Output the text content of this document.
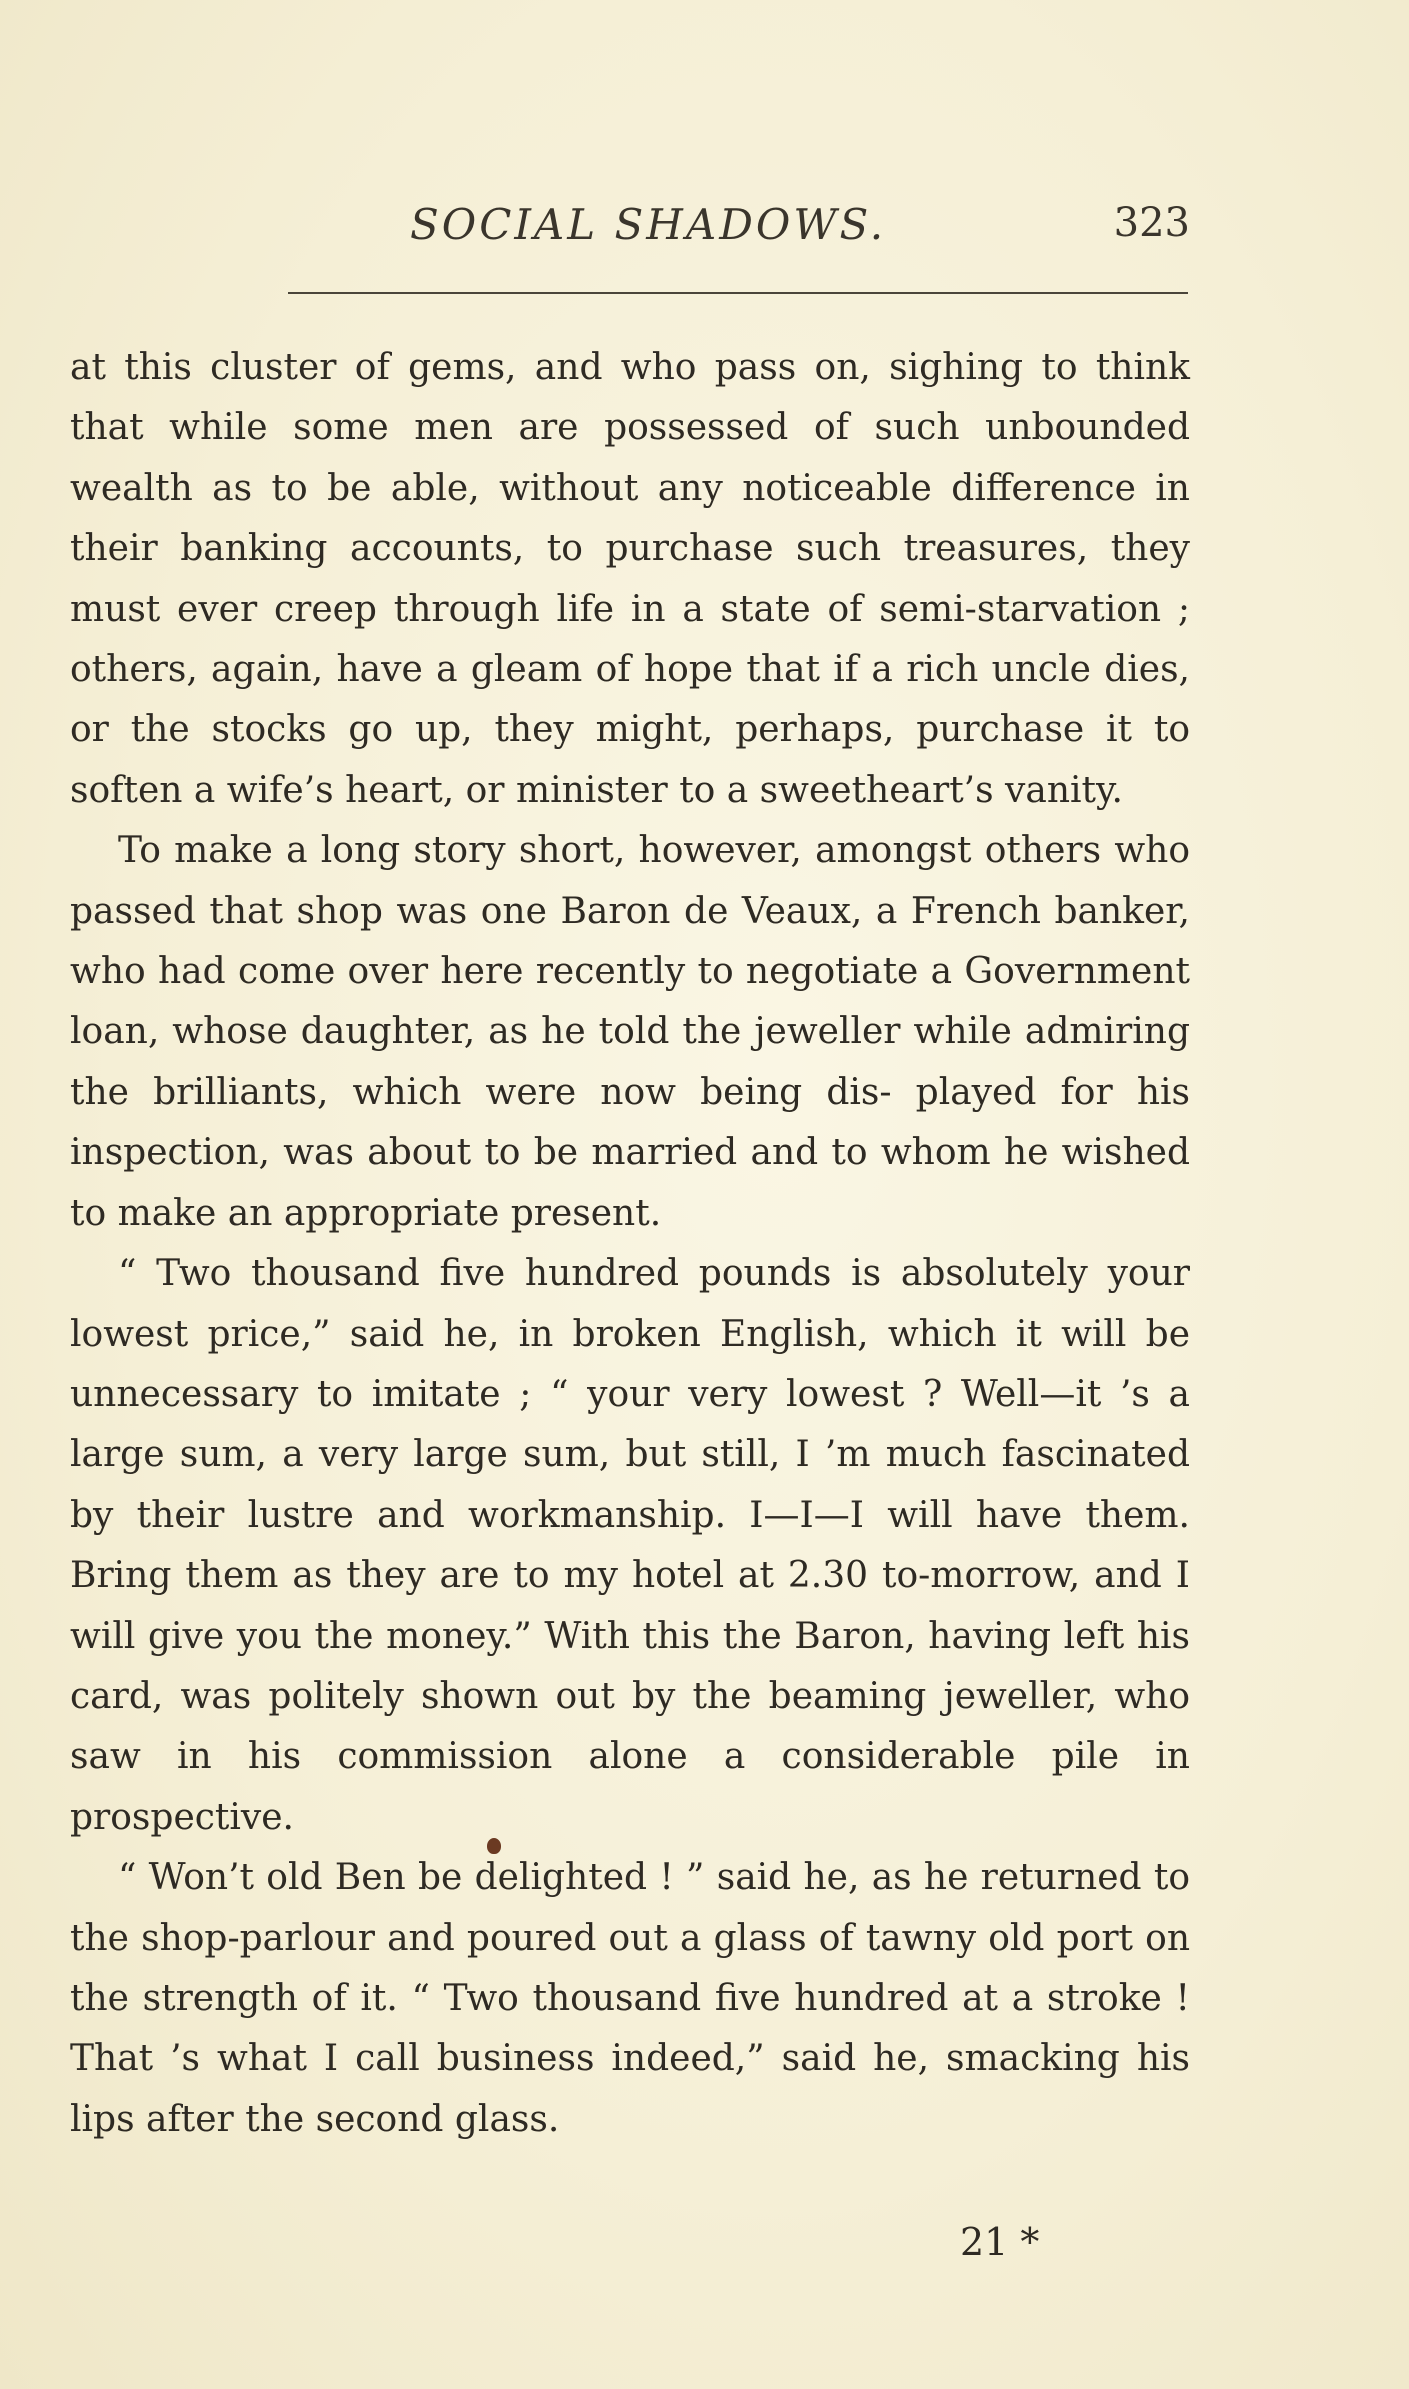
SOCIAL SHADOWS.	323

at this cluster of gems, and who pass on, sighing to think that while some men are possessed of such unbounded wealth as to be able, without any noticeable difference in their banking accounts, to purchase such treasures, they must ever creep through life in a state of semi-starvation ; others, again, have a gleam of hope that if a rich uncle dies, or the stocks go up, they might, perhaps, purchase it to soften a wife’s heart, or minister to a sweetheart’s vanity.

To make a long story short, however, amongst others who passed that shop was one Baron de Veaux, a French banker, who had come over here recently to negotiate a Government loan, whose daughter, as he told the jeweller while admiring the brilliants, which were now being dis- played for his inspection, was about to be married and to whom he wished to make an appropriate present.

“ Two thousand five hundred pounds is absolutely your lowest price,” said he, in broken English, which it will be unnecessary to imitate ; “ your very lowest ? Well—it ’s a large sum, a very large sum, but still, I ’m much fascinated by their lustre and workmanship. I—I—I will have them. Bring them as they are to my hotel at 2.30 to-morrow, and I will give you the money.” With this the Baron, having left his card, was politely shown out by the beaming jeweller, who saw in his commission alone a considerable pile in prospective.

“ Won’t old Ben be delighted ! ” said he, as he returned to the shop-parlour and poured out a glass of tawny old port on the strength of it. “ Two thousand five hundred at a stroke ! That ’s what I call business indeed,” said he, smacking his lips after the second glass.

21 *
